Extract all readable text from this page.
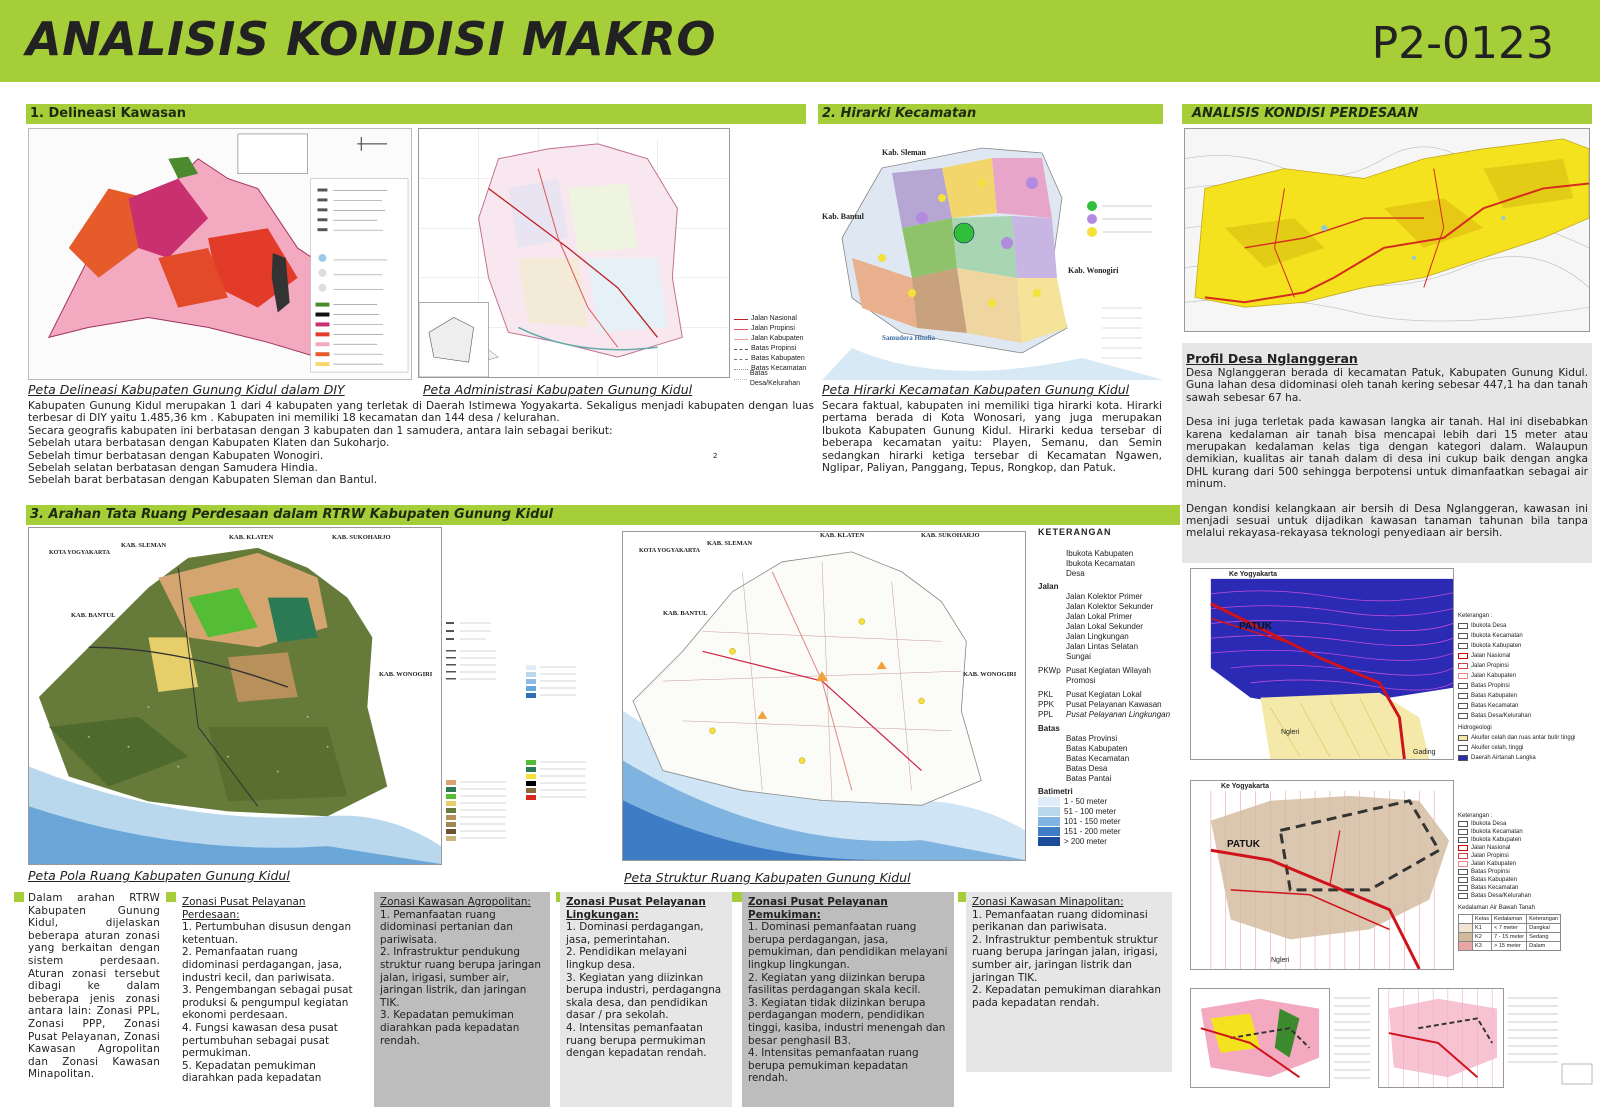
ANALISIS KONDISI MAKRO	P2-0123
1. Delineasi Kawasan	2. Hirarki Kecamatan	ANALISIS KONDISI PERDESAAN
3. Arahan Tata Ruang Perdesaan dalam RTRW Kabupaten Gunung Kidul
Jalan Nasional
Jalan Propinsi
Jalan Kabupaten
Batas Propinsi
Batas Kabupaten
Batas Kecamatan
Batas Desa/Kelurahan
Kab. Sleman
Kab. Bantul
Kab. Wonogiri
Samudera Hindia
Peta Delineasi Kabupaten Gunung Kidul dalam DIY	Peta Administrasi Kabupaten Gunung Kidul	Peta Hirarki Kecamatan Kabupaten Gunung Kidul

Kabupaten Gunung Kidul merupakan 1 dari 4 kabupaten yang terletak di Daerah Istimewa Yogyakarta. Sekaligus menjadi kabupaten dengan luas terbesar di DIY yaitu 1.485,36 km . Kabupaten ini memiliki 18 kecamatan dan 144 desa / kelurahan.

Secara geografis kabupaten ini berbatasan dengan 3 kabupaten dan 1 samudera, antara lain sebagai berikut:

Sebelah utara berbatasan dengan Kabupaten Klaten dan Sukoharjo.

Sebelah timur berbatasan dengan Kabupaten Wonogiri.

Sebelah selatan berbatasan dengan Samudera Hindia.

Sebelah barat berbatasan dengan Kabupaten Sleman dan Bantul.

2
Secara faktual, kabupaten ini memiliki tiga hirarki kota. Hirarki pertama berada di Kota Wonosari, yang juga merupakan Ibukota Kabupaten Gunung Kidul. Hirarki kedua tersebar di beberapa kecamatan yaitu: Playen, Semanu, dan Semin sedangkan hirarki ketiga tersebar di Kecamatan Ngawen, Nglipar, Paliyan, Panggang, Tepus, Rongkop, dan Patuk.
Profil Desa Nglanggeran

Desa Nglanggeran berada di kecamatan Patuk, Kabupaten Gunung Kidul. Guna lahan desa didominasi oleh tanah kering sebesar 447,1 ha dan tanah sawah sebesar 67 ha.

Desa ini juga terletak pada kawasan langka air tanah. Hal ini disebabkan karena kedalaman air tanah bisa mencapai lebih dari 15 meter atau merupakan kedalaman kelas tiga dengan kategori dalam. Walaupun demikian, kualitas air tanah dalam di desa ini cukup baik dengan angka DHL kurang dari 500 sehingga berpotensi untuk dimanfaatkan sebagai air minum.

Dengan kondisi kelangkaan air bersih di Desa Nglanggeran, kawasan ini menjadi sesuai untuk dijadikan kawasan tanaman tahunan bila tanpa melalui rekayasa-rekayasa teknologi penyediaan air bersih.

KAB. KLATEN	KAB. SUKOHARJO
KAB. SLEMAN
KOTA YOGYAKARTA
KAB. BANTUL
KAB. WONOGIRI
KAB. KLATEN	KAB. SUKOHARJO
KAB. SLEMAN
KOTA YOGYAKARTA
KAB. BANTUL
KAB. WONOGIRI
KETERANGAN
Ibukota Kabupaten
Ibukota Kecamatan
Desa
Jalan
Jalan Kolektor Primer
Jalan Kolektor Sekunder
Jalan Lokal Primer
Jalan Lokal Sekunder
Jalan Lingkungan
Jalan Lintas Selatan
Sungai
PKWp Pusat Kegiatan Wilayah Promosi
PKL	Pusat Kegiatan Lokal
PPK	Pusat Pelayanan Kawasan
PPL	Pusat Pelayanan Lingkungan
Batas
Batas Provinsi
Batas Kabupaten
Batas Kecamatan
Batas Desa
Batas Pantai
Batimetri
1 - 50 meter
51 - 100 meter
101 - 150 meter
151 - 200 meter
> 200 meter
Peta Pola Ruang Kabupaten Gunung Kidul	Peta Struktur Ruang Kabupaten Gunung Kidul
Dalam arahan RTRW Kabupaten Gunung Kidul, dijelaskan beberapa aturan zonasi yang berkaitan dengan sistem perdesaan. Aturan zonasi tersebut dibagi ke dalam beberapa jenis zonasi antara lain: Zonasi PPL, Zonasi PPP, Zonasi Pusat Pelayanan, Zonasi Kawasan Agropolitan dan Zonasi Kawasan Minapolitan.
Zonasi Pusat Pelayanan Perdesaan:
1. Pertumbuhan disusun dengan ketentuan.
2. Pemanfaatan ruang didominasi perdagangan, jasa, industri kecil, dan pariwisata.
3. Pengembangan sebagai pusat produksi & pengumpul kegiatan ekonomi perdesaan.
4. Fungsi kawasan desa pusat pertumbuhan sebagai pusat permukiman.
5. Kepadatan pemukiman diarahkan pada kepadatan
Zonasi Kawasan Agropolitan:
1. Pemanfaatan ruang didominasi pertanian dan pariwisata.
2. Infrastruktur pendukung struktur ruang berupa jaringan jalan, irigasi, sumber air, jaringan listrik, dan jaringan TIK.
3. Kepadatan pemukiman diarahkan pada kepadatan rendah.
Zonasi Pusat Pelayanan Lingkungan:
1. Dominasi perdagangan, jasa, pemerintahan.
2. Pendidikan melayani lingkup desa.
3. Kegiatan yang diizinkan berupa industri, perdagangna skala desa, dan pendidikan dasar / pra sekolah.
4. Intensitas pemanfaatan ruang berupa permukiman dengan kepadatan rendah.
Zonasi Pusat Pelayanan Pemukiman:
1. Dominasi pemanfaatan ruang berupa perdagangan, jasa, pemukiman, dan pendidikan melayani lingkup lingkungan.
2. Kegiatan yang diizinkan berupa fasilitas perdagangan skala kecil.
3. Kegiatan tidak diizinkan berupa perdagangan modern, pendidikan tinggi, kasiba, industri menengah dan besar penghasil B3.
4. Intensitas pemanfaatan ruang berupa pemukiman kepadatan rendah.
Zonasi Kawasan Minapolitan:
1. Pemanfaatan ruang didominasi perikanan dan pariwisata.
2. Infrastruktur pembentuk struktur ruang berupa jaringan jalan, irigasi, sumber air, jaringan listrik dan jaringan TIK.
2. Kepadatan pemukiman diarahkan pada kepadatan rendah.
Ke Yogyakarta
PATUK
Ngleri
Gading
Keterangan :
Ibukota Desa
Ibukota Kecamatan
Ibukota Kabupaten
Jalan Nasional
Jalan Propinsi
Jalan Kabupaten
Batas Propinsi
Batas Kabupaten
Batas Kecamatan
Batas Desa/Kelurahan
Hidrogeologi
Akuifer celah dan ruas antar butir tinggi
Akuifer celah, tinggi
Daerah Airtanah Langka
Ke Yogyakarta
PATUK
Ngleri
Keterangan :
Ibukota Desa
Ibukota Kecamatan
Ibukota Kabupaten
Jalan Nasional
Jalan Propinsi
Jalan Kabupaten
Batas Propinsi
Batas Kabupaten
Batas Kecamatan
Batas Desa/Kelurahan
Kedalaman Air Bawah Tanah
	Kelas	Kedalaman	Keterangan
	K1	< 7 meter	Dangkal
	K2	7 - 15 meter	Sedang
	K3	> 15 meter	Dalam
